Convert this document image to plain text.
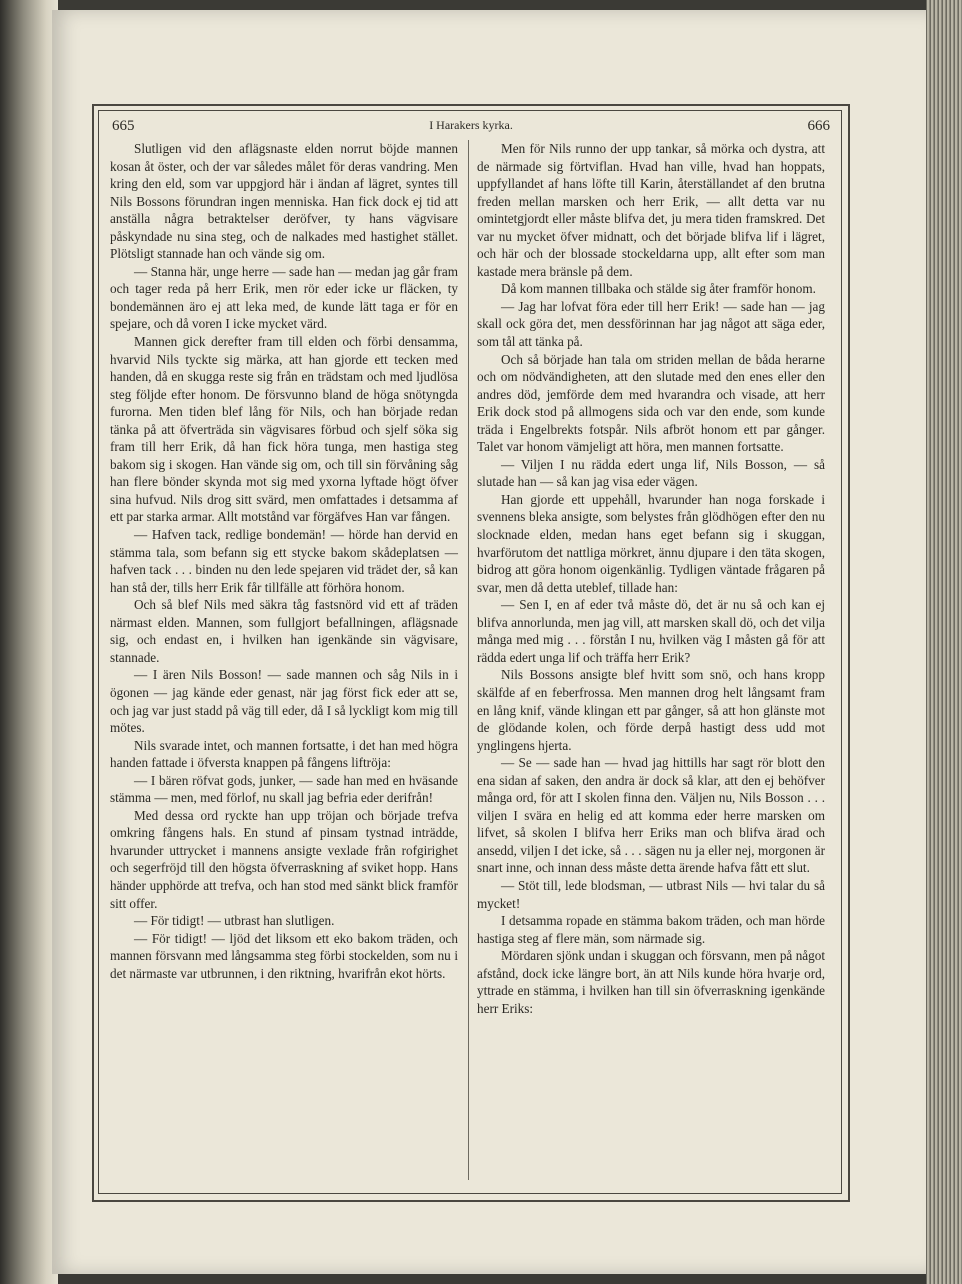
665	I Harakers kyrka.	666

Slutligen vid den aflägsnaste elden norrut böjde mannen kosan åt öster, och der var således målet för deras vandring. Men kring den eld, som var uppgjord här i ändan af lägret, syntes till Nils Bossons förundran ingen menniska. Han fick dock ej tid att anställa några betraktelser deröfver, ty hans vägvisare påskyndade nu sina steg, och de nalkades med hastighet stället. Plötsligt stannade han och vände sig om.

— Stanna här, unge herre — sade han — medan jag går fram och tager reda på herr Erik, men rör eder icke ur fläcken, ty bondemännen äro ej att leka med, de kunde lätt taga er för en spejare, och då voren I icke mycket värd.

Mannen gick derefter fram till elden och förbi densamma, hvarvid Nils tyckte sig märka, att han gjorde ett tecken med handen, då en skugga reste sig från en trädstam och med ljudlösa steg följde efter honom. De försvunno bland de höga snötyngda furorna. Men tiden blef lång för Nils, och han började redan tänka på att öfverträda sin vägvisares förbud och sjelf söka sig fram till herr Erik, då han fick höra tunga, men hastiga steg bakom sig i skogen. Han vände sig om, och till sin förvåning såg han flere bönder skynda mot sig med yxorna lyftade högt öfver sina hufvud. Nils drog sitt svärd, men omfattades i detsamma af ett par starka armar. Allt motstånd var förgäfves Han var fången.

— Hafven tack, redlige bondemän! — hörde han dervid en stämma tala, som befann sig ett stycke bakom skådeplatsen — hafven tack . . . binden nu den lede spejaren vid trädet der, så kan han stå der, tills herr Erik får tillfälle att förhöra honom.

Och så blef Nils med säkra tåg fastsnörd vid ett af träden närmast elden. Mannen, som fullgjort befallningen, aflägsnade sig, och endast en, i hvilken han igenkände sin vägvisare, stannade.

— I ären Nils Bosson! — sade mannen och såg Nils in i ögonen — jag kände eder genast, när jag först fick eder att se, och jag var just stadd på väg till eder, då I så lyckligt kom mig till mötes.

Nils svarade intet, och mannen fortsatte, i det han med högra handen fattade i öfversta knappen på fångens liftröja:

— I bären röfvat gods, junker, — sade han med en hväsande stämma — men, med förlof, nu skall jag befria eder derifrån!

Med dessa ord ryckte han upp tröjan och började trefva omkring fångens hals. En stund af pinsam tystnad inträdde, hvarunder uttrycket i mannens ansigte vexlade från rofgirighet och segerfröjd till den högsta öfverraskning af sviket hopp. Hans händer upphörde att trefva, och han stod med sänkt blick framför sitt offer.

— För tidigt! — utbrast han slutligen.

— För tidigt! — ljöd det liksom ett eko bakom träden, och mannen försvann med långsamma steg förbi stockelden, som nu i det närmaste var utbrunnen, i den riktning, hvarifrån ekot hörts.

Men för Nils runno der upp tankar, så mörka och dystra, att de närmade sig förtviflan. Hvad han ville, hvad han hoppats, uppfyllandet af hans löfte till Karin, återställandet af den brutna freden mellan marsken och herr Erik, — allt detta var nu omintetgjordt eller måste blifva det, ju mera tiden framskred. Det var nu mycket öfver midnatt, och det började blifva lif i lägret, och här och der blossade stockeldarna upp, allt efter som man kastade mera bränsle på dem.

Då kom mannen tillbaka och stälde sig åter framför honom.

— Jag har lofvat föra eder till herr Erik! — sade han — jag skall ock göra det, men dessförinnan har jag något att säga eder, som tål att tänka på.

Och så började han tala om striden mellan de båda herarne och om nödvändigheten, att den slutade med den enes eller den andres död, jemförde dem med hvarandra och visade, att herr Erik dock stod på allmogens sida och var den ende, som kunde träda i Engelbrekts fotspår. Nils afbröt honom ett par gånger. Talet var honom vämjeligt att höra, men mannen fortsatte.

— Viljen I nu rädda edert unga lif, Nils Bosson, — så slutade han — så kan jag visa eder vägen.

Han gjorde ett uppehåll, hvarunder han noga forskade i svennens bleka ansigte, som belystes från glödhögen efter den nu slocknade elden, medan hans eget befann sig i skuggan, hvarförutom det nattliga mörkret, ännu djupare i den täta skogen, bidrog att göra honom oigenkänlig. Tydligen väntade frågaren på svar, men då detta uteblef, tillade han:

— Sen I, en af eder två måste dö, det är nu så och kan ej blifva annorlunda, men jag vill, att marsken skall dö, och det vilja många med mig . . . förstån I nu, hvilken väg I måsten gå för att rädda edert unga lif och träffa herr Erik?

Nils Bossons ansigte blef hvitt som snö, och hans kropp skälfde af en feberfrossa. Men mannen drog helt långsamt fram en lång knif, vände klingan ett par gånger, så att hon glänste mot de glödande kolen, och förde derpå hastigt dess udd mot ynglingens hjerta.

— Se — sade han — hvad jag hittills har sagt rör blott den ena sidan af saken, den andra är dock så klar, att den ej behöfver många ord, för att I skolen finna den. Väljen nu, Nils Bosson . . . viljen I svära en helig ed att komma eder herre marsken om lifvet, så skolen I blifva herr Eriks man och blifva ärad och ansedd, viljen I det icke, så . . . sägen nu ja eller nej, morgonen är snart inne, och innan dess måste detta ärende hafva fått ett slut.

— Stöt till, lede blodsman, — utbrast Nils — hvi talar du så mycket!

I detsamma ropade en stämma bakom träden, och man hörde hastiga steg af flere män, som närmade sig.

Mördaren sjönk undan i skuggan och försvann, men på något afstånd, dock icke längre bort, än att Nils kunde höra hvarje ord, yttrade en stämma, i hvilken han till sin öfverraskning igenkände herr Eriks:
